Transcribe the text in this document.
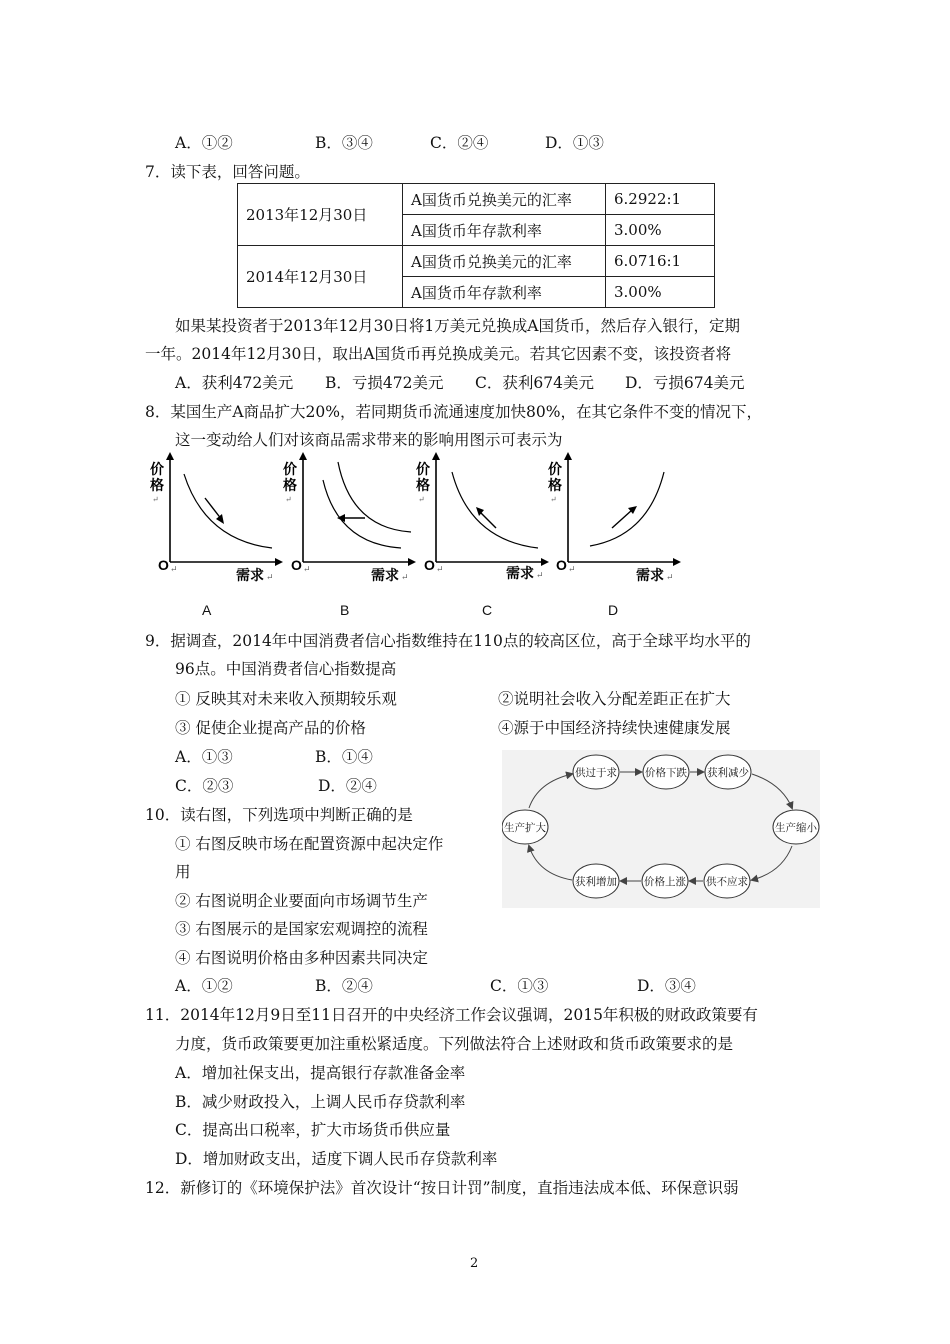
A．①②	B．③④	C．②④	D．①③
7．读下表，回答问题。
2013年12月30日	A国货币兑换美元的汇率	6.2922:1
	A国货币年存款利率	3.00%
2014年12月30日	A国货币兑换美元的汇率	6.0716:1
	A国货币年存款利率	3.00%
如果某投资者于2013年12月30日将1万美元兑换成A国货币，然后存入银行，定期
一年。2014年12月30日，取出A国货币再兑换成美元。若其它因素不变，该投资者将
A．获利472美元 B．亏损472美元 C．获利674美元 D．亏损674美元
8．某国生产A商品扩大20%，若同期货币流通速度加快80%，在其它条件不变的情况下，
这一变动给人们对该商品需求带来的影响用图示可表示为
价
格
↵
O ↵	需求 ↵
价
格
↵
O ↵	需求 ↵
价
格
↵
O ↵	需求 ↵
价
格
↵
O ↵	需求 ↵
A	B	C	D
9．据调查，2014年中国消费者信心指数维持在110点的较高区位，高于全球平均水平的
96点。中国消费者信心指数提高
① 反映其对未来收入预期较乐观	②说明社会收入分配差距正在扩大
③ 促使企业提高产品的价格	④源于中国经济持续快速健康发展
A．①③	B．①④
C．②③	D．②④
供过于求	价格下跌 获利减少
生产缩小
供不应求
价格上涨
获利增加
生产扩大
10．读右图，下列选项中判断正确的是
① 右图反映市场在配置资源中起决定作
用
② 右图说明企业要面向市场调节生产
③ 右图展示的是国家宏观调控的流程
④ 右图说明价格由多种因素共同决定
A．①②	B．②④	C．①③	D．③④
11．2014年12月9日至11日召开的中央经济工作会议强调，2015年积极的财政政策要有
力度，货币政策要更加注重松紧适度。下列做法符合上述财政和货币政策要求的是
A．增加社保支出，提高银行存款准备金率
B．减少财政投入，上调人民币存贷款利率
C．提高出口税率，扩大市场货币供应量
D．增加财政支出，适度下调人民币存贷款利率
12．新修订的《环境保护法》首次设计“按日计罚”制度，直指违法成本低、环保意识弱
2
